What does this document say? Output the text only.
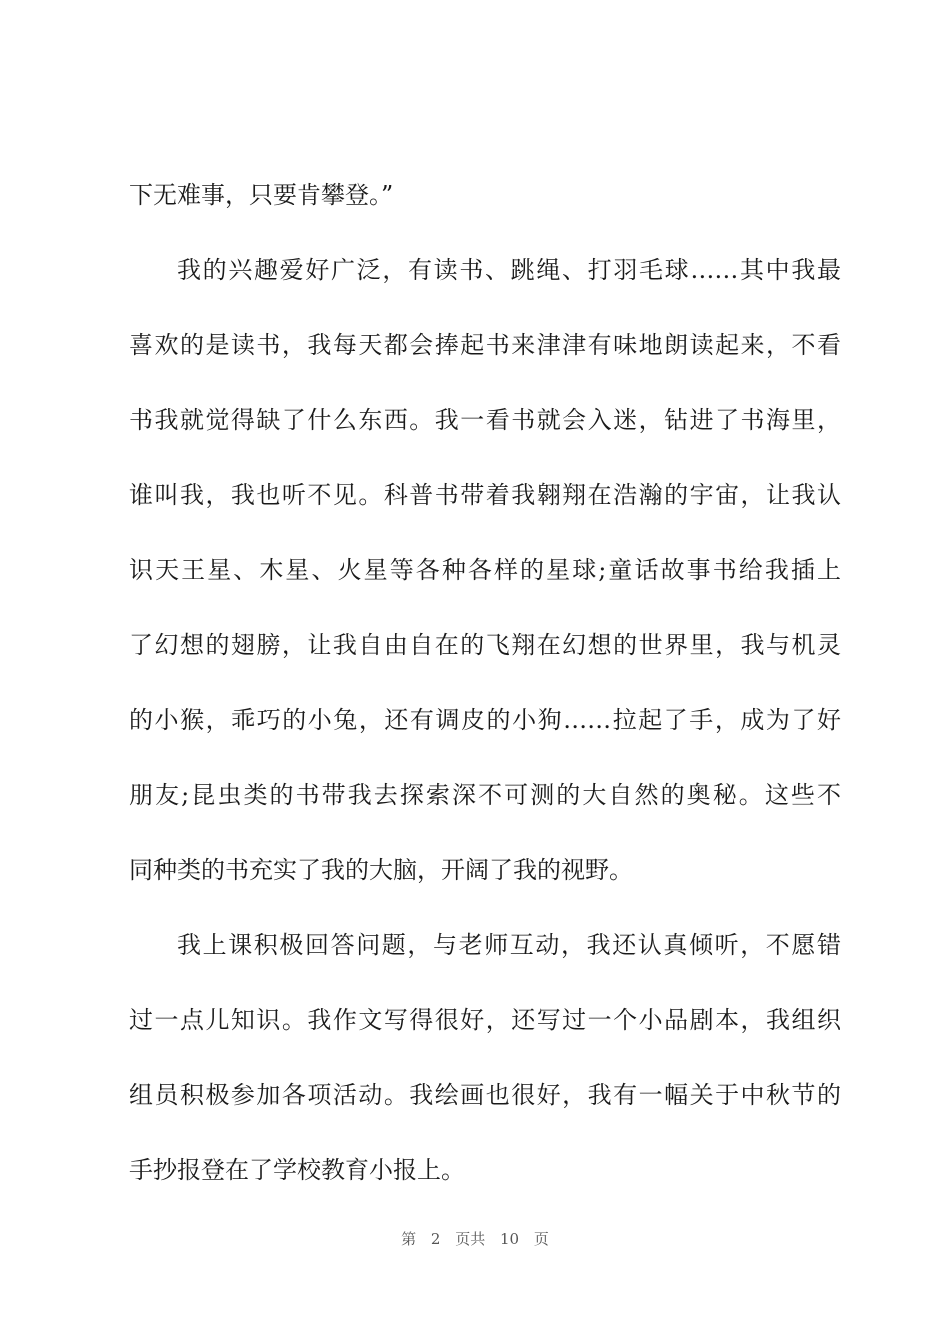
下无难事，只要肯攀登。”
我的兴趣爱好广泛，有读书、跳绳、打羽毛球……其中我最
喜欢的是读书，我每天都会捧起书来津津有味地朗读起来，不看
书我就觉得缺了什么东西。我一看书就会入迷，钻进了书海里，
谁叫我，我也听不见。科普书带着我翱翔在浩瀚的宇宙，让我认
识天王星、木星、火星等各种各样的星球;童话故事书给我插上
了幻想的翅膀，让我自由自在的飞翔在幻想的世界里，我与机灵
的小猴，乖巧的小兔，还有调皮的小狗……拉起了手，成为了好
朋友;昆虫类的书带我去探索深不可测的大自然的奥秘。这些不
同种类的书充实了我的大脑，开阔了我的视野。
我上课积极回答问题，与老师互动，我还认真倾听，不愿错
过一点儿知识。我作文写得很好，还写过一个小品剧本，我组织
组员积极参加各项活动。我绘画也很好，我有一幅关于中秋节的
手抄报登在了学校教育小报上。
第 2 页共 10 页
